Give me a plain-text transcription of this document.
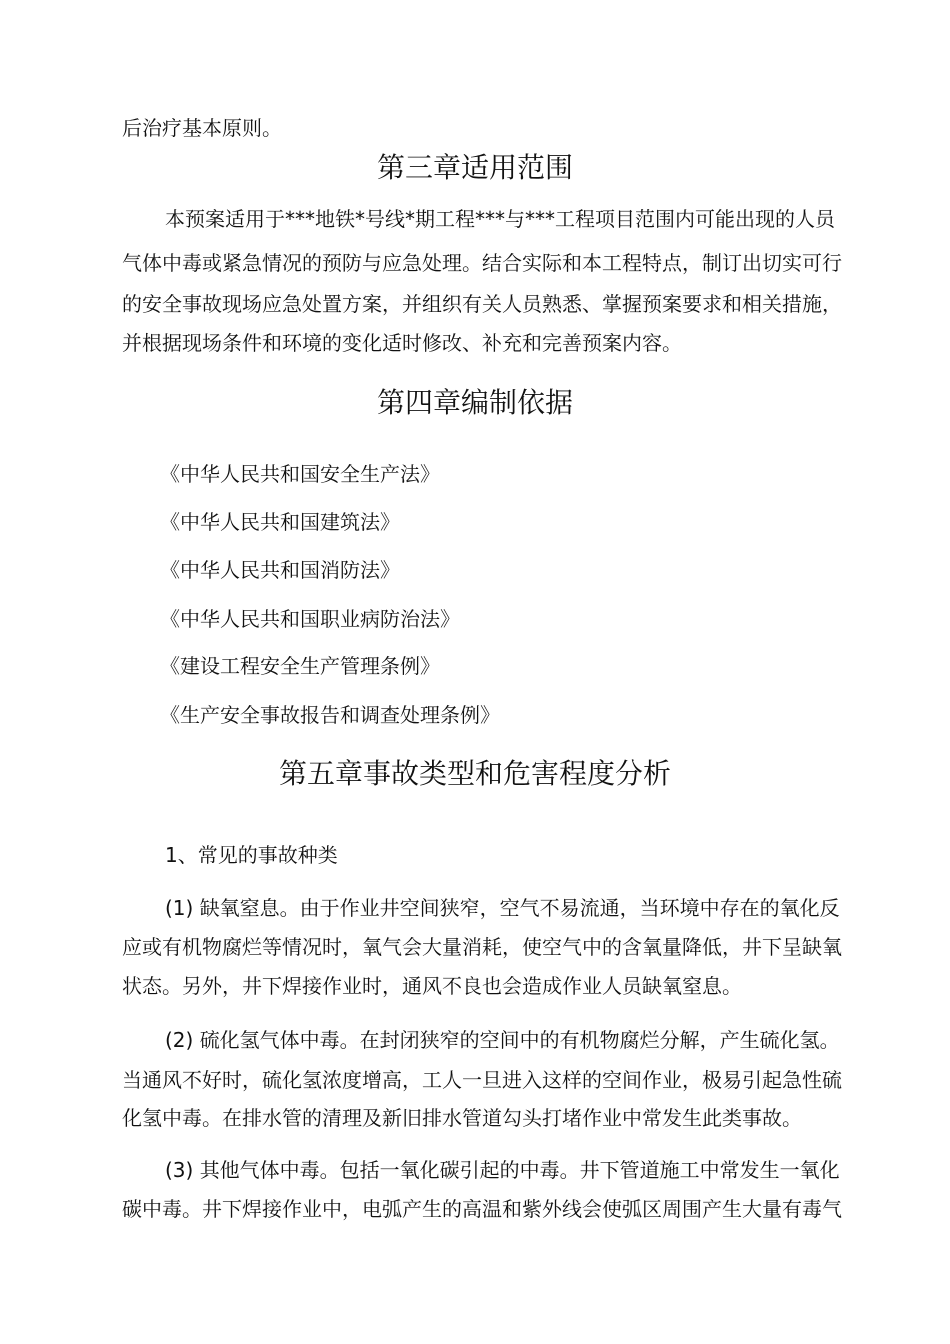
后治疗基本原则。
第三章适用范围
本预案适用于***地铁*号线*期工程***与***工程项目范围内可能出现的人员
气体中毒或紧急情况的预防与应急处理。结合实际和本工程特点，制订出切实可行
的安全事故现场应急处置方案，并组织有关人员熟悉、掌握预案要求和相关措施，
并根据现场条件和环境的变化适时修改、补充和完善预案内容。
第四章编制依据
《中华人民共和国安全生产法》
《中华人民共和国建筑法》
《中华人民共和国消防法》
《中华人民共和国职业病防治法》
《建设工程安全生产管理条例》
《生产安全事故报告和调查处理条例》
第五章事故类型和危害程度分析
1、常见的事故种类
(1) 缺氧窒息。由于作业井空间狭窄，空气不易流通，当环境中存在的氧化反
应或有机物腐烂等情况时，氧气会大量消耗，使空气中的含氧量降低，井下呈缺氧
状态。另外，井下焊接作业时，通风不良也会造成作业人员缺氧窒息。
(2) 硫化氢气体中毒。在封闭狭窄的空间中的有机物腐烂分解，产生硫化氢。
当通风不好时，硫化氢浓度增高，工人一旦进入这样的空间作业，极易引起急性硫
化氢中毒。在排水管的清理及新旧排水管道勾头打堵作业中常发生此类事故。
(3) 其他气体中毒。包括一氧化碳引起的中毒。井下管道施工中常发生一氧化
碳中毒。井下焊接作业中，电弧产生的高温和紫外线会使弧区周围产生大量有毒气
